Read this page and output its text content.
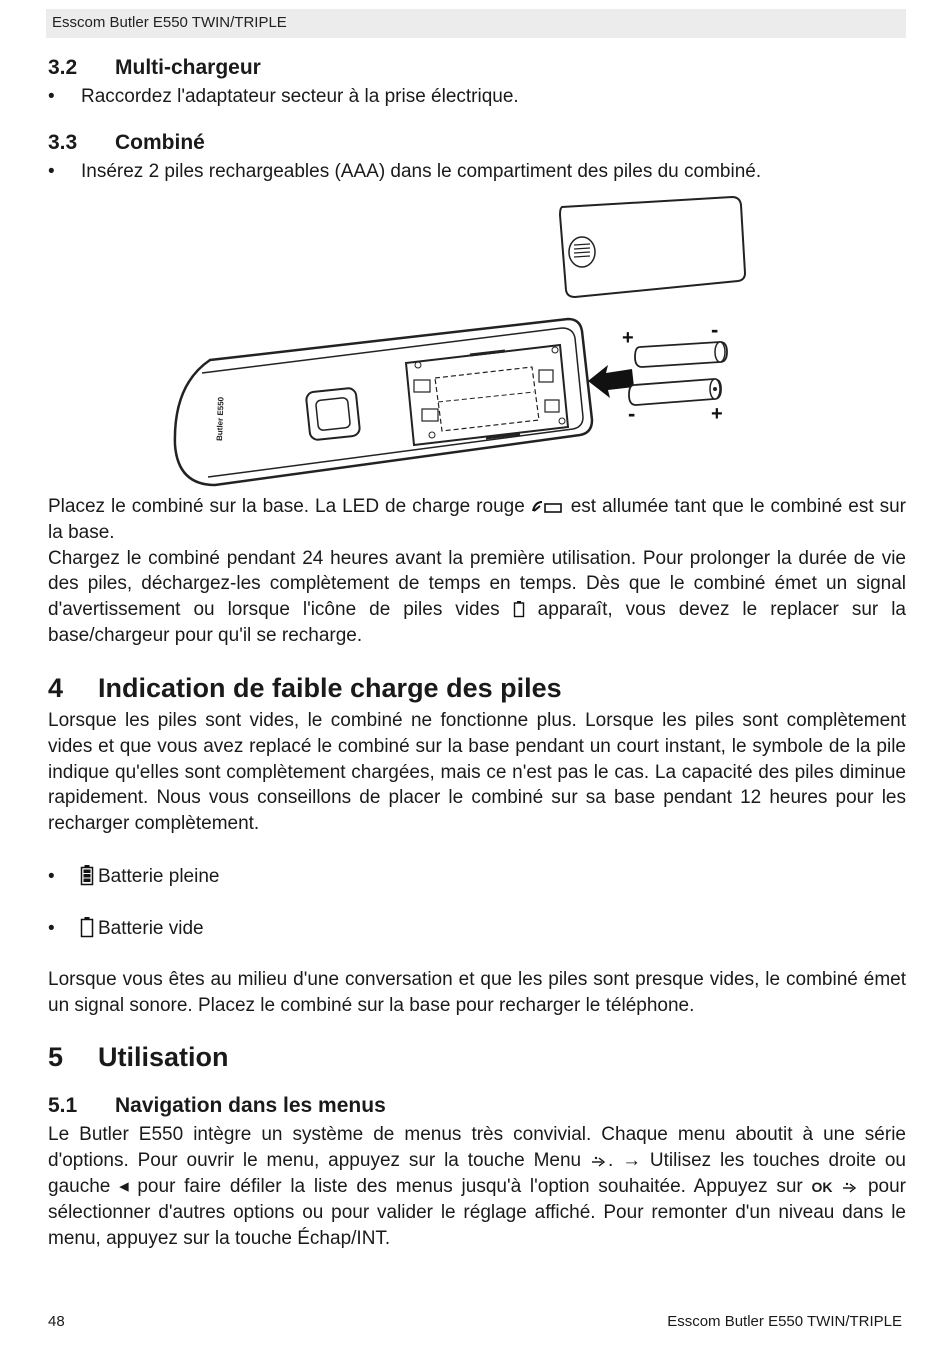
Esscom Butler E550 TWIN/TRIPLE
3.2 Multi-chargeur
• Raccordez l'adaptateur secteur à la prise électrique.
3.3 Combiné
• Insérez 2 piles rechargeables (AAA) dans le compartiment des piles du combiné.
Butler E550
+	-
-	+

Placez le combiné sur la base. La LED de charge rouge  est allumée tant que le combiné est sur la base.

Chargez le combiné pendant 24 heures avant la première utilisation. Pour prolonger la durée de vie des piles, déchargez-les complètement de temps en temps. Dès que le combiné émet un signal d'avertissement ou lorsque l'icône de piles vides  apparaît, vous devez le replacer sur la base/chargeur pour qu'il se recharge.

4 Indication de faible charge des piles

Lorsque les piles sont vides, le combiné ne fonctionne plus. Lorsque les piles sont complètement vides et que vous avez replacé le combiné sur la base pendant un court instant, le symbole de la pile indique qu'elles sont complètement chargées, mais ce n'est pas le cas. La capacité des piles diminue rapidement. Nous vous conseillons de placer le combiné sur sa base pendant 12 heures pour les recharger complètement.

• Batterie pleine
• Batterie vide

Lorsque vous êtes au milieu d'une conversation et que les piles sont presque vides, le combiné émet un signal sonore. Placez le combiné sur la base pour recharger le téléphone.

5 Utilisation
5.1 Navigation dans les menus

Le Butler E550 intègre un système de menus très convivial. Chaque menu aboutit à une série d'options. Pour ouvrir le menu, appuyez sur la touche Menu . → Utilisez les touches droite ou gauche ◂ pour faire défiler la liste des menus jusqu'à l'option souhaitée. Appuyez sur OK  pour sélectionner d'autres options ou pour valider le réglage affiché. Pour remonter d'un niveau dans le menu, appuyez sur la touche Échap/INT.

48	Esscom Butler E550 TWIN/TRIPLE
